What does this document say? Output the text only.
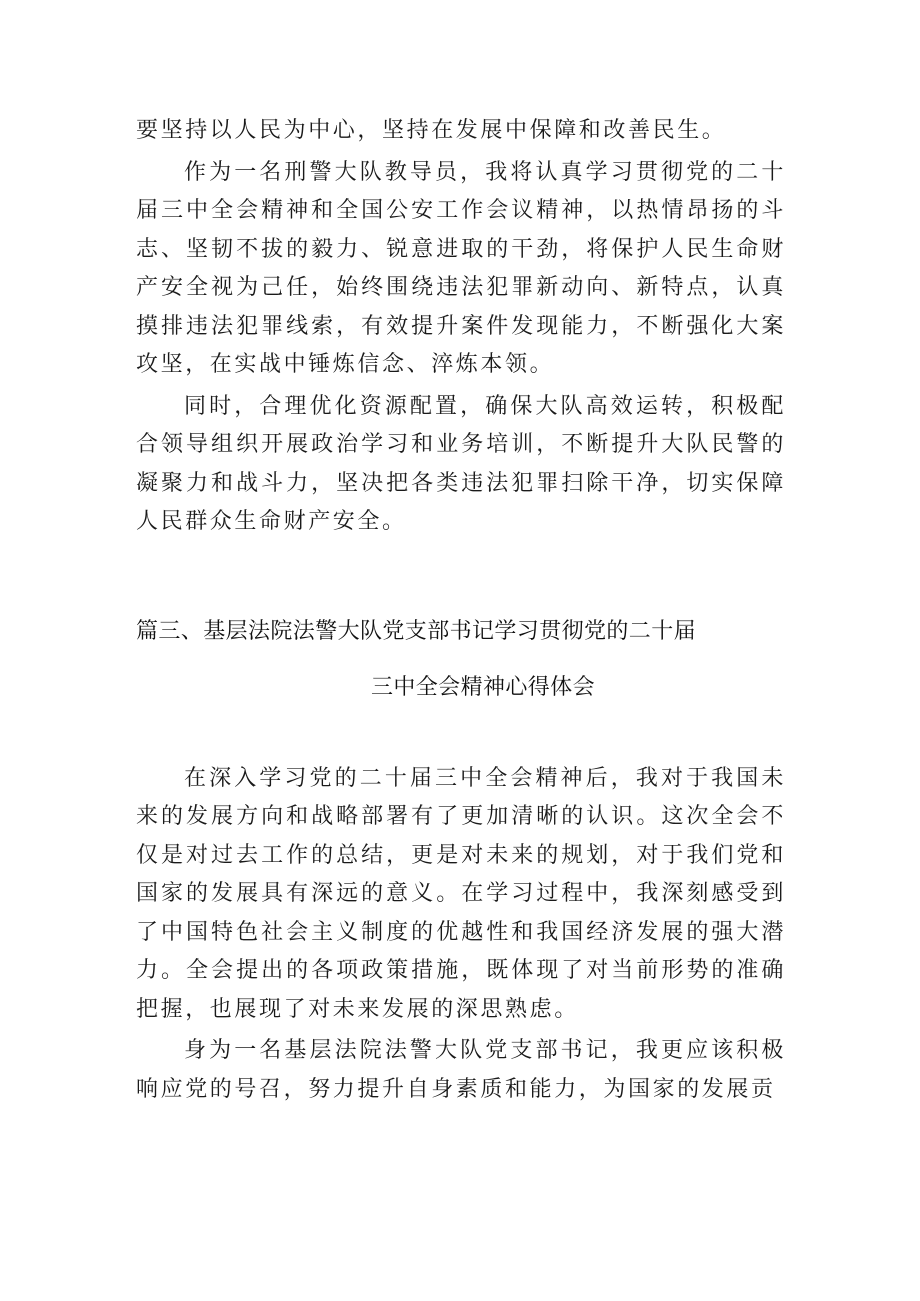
要坚持以人民为中心，坚持在发展中保障和改善民生。

作为一名刑警大队教导员，我将认真学习贯彻党的二十届三中全会精神和全国公安工作会议精神，以热情昂扬的斗志、坚韧不拔的毅力、锐意进取的干劲，将保护人民生命财产安全视为己任，始终围绕违法犯罪新动向、新特点，认真摸排违法犯罪线索，有效提升案件发现能力，不断强化大案攻坚，在实战中锤炼信念、淬炼本领。

同时，合理优化资源配置，确保大队高效运转，积极配合领导组织开展政治学习和业务培训，不断提升大队民警的凝聚力和战斗力，坚决把各类违法犯罪扫除干净，切实保障人民群众生命财产安全。

篇三、基层法院法警大队党支部书记学习贯彻党的二十届

三中全会精神心得体会

在深入学习党的二十届三中全会精神后，我对于我国未来的发展方向和战略部署有了更加清晰的认识。这次全会不仅是对过去工作的总结，更是对未来的规划，对于我们党和国家的发展具有深远的意义。在学习过程中，我深刻感受到了中国特色社会主义制度的优越性和我国经济发展的强大潜力。全会提出的各项政策措施，既体现了对当前形势的准确把握，也展现了对未来发展的深思熟虑。

身为一名基层法院法警大队党支部书记，我更应该积极响应党的号召，努力提升自身素质和能力，为国家的发展贡
